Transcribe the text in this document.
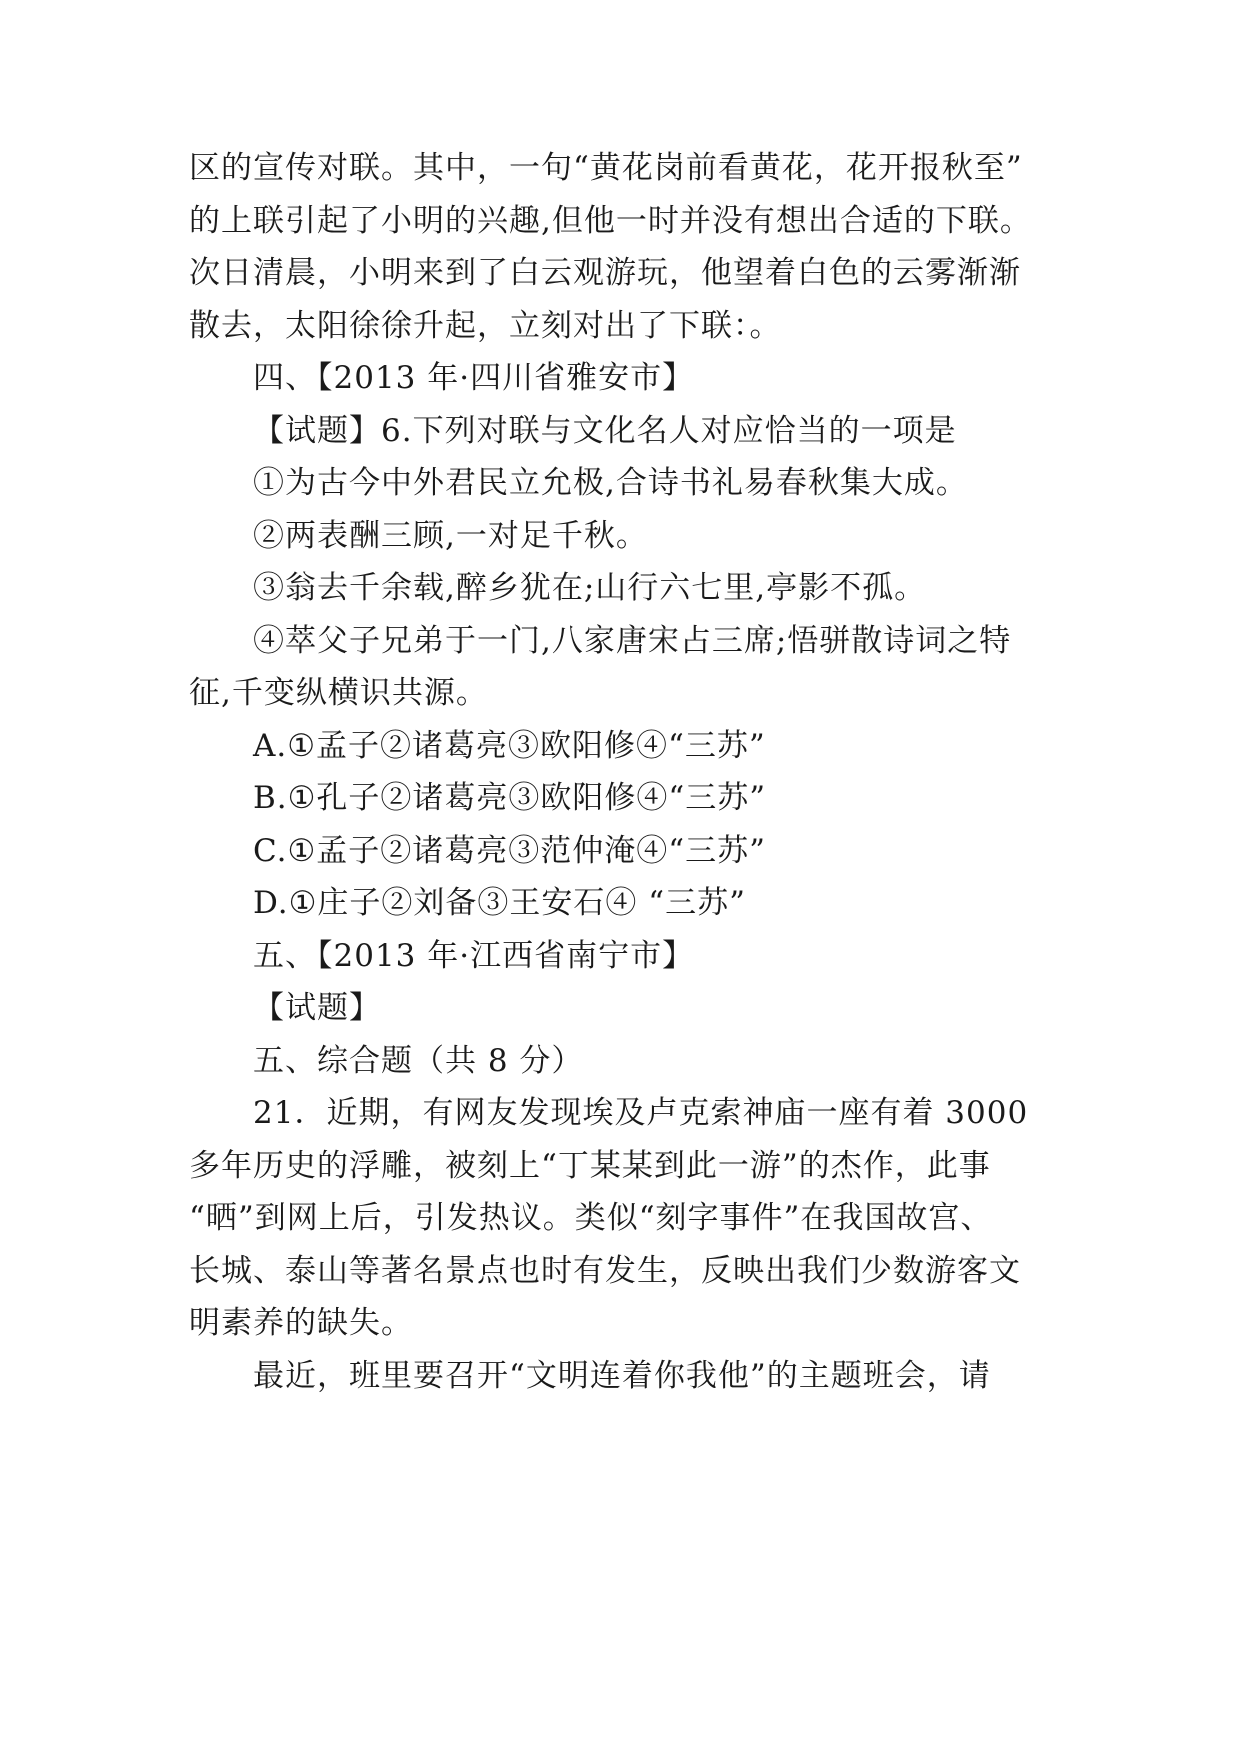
区的宣传对联。其中，一句“黄花岗前看黄花，花开报秋至”
的上联引起了小明的兴趣,但他一时并没有想出合适的下联。
次日清晨，小明来到了白云观游玩，他望着白色的云雾渐渐
散去，太阳徐徐升起，立刻对出了下联：。
四、【2013 年·四川省雅安市】
【试题】6.下列对联与文化名人对应恰当的一项是
①为古今中外君民立允极,合诗书礼易春秋集大成。
②两表酬三顾,一对足千秋。
③翁去千余载,醉乡犹在;山行六七里,亭影不孤。
④萃父子兄弟于一门,八家唐宋占三席;悟骈散诗词之特
征,千变纵横识共源。
A.①孟子②诸葛亮③欧阳修④“三苏”
B.①孔子②诸葛亮③欧阳修④“三苏”
C.①孟子②诸葛亮③范仲淹④“三苏”
D.①庄子②刘备③王安石④ “三苏”
五、【2013 年·江西省南宁市】
【试题】
五、综合题（共 8 分）
21．近期，有网友发现埃及卢克索神庙一座有着 3000
多年历史的浮雕，被刻上“丁某某到此一游”的杰作，此事
“晒”到网上后，引发热议。类似“刻字事件”在我国故宫、
长城、泰山等著名景点也时有发生，反映出我们少数游客文
明素养的缺失。
最近，班里要召开“文明连着你我他”的主题班会，请
